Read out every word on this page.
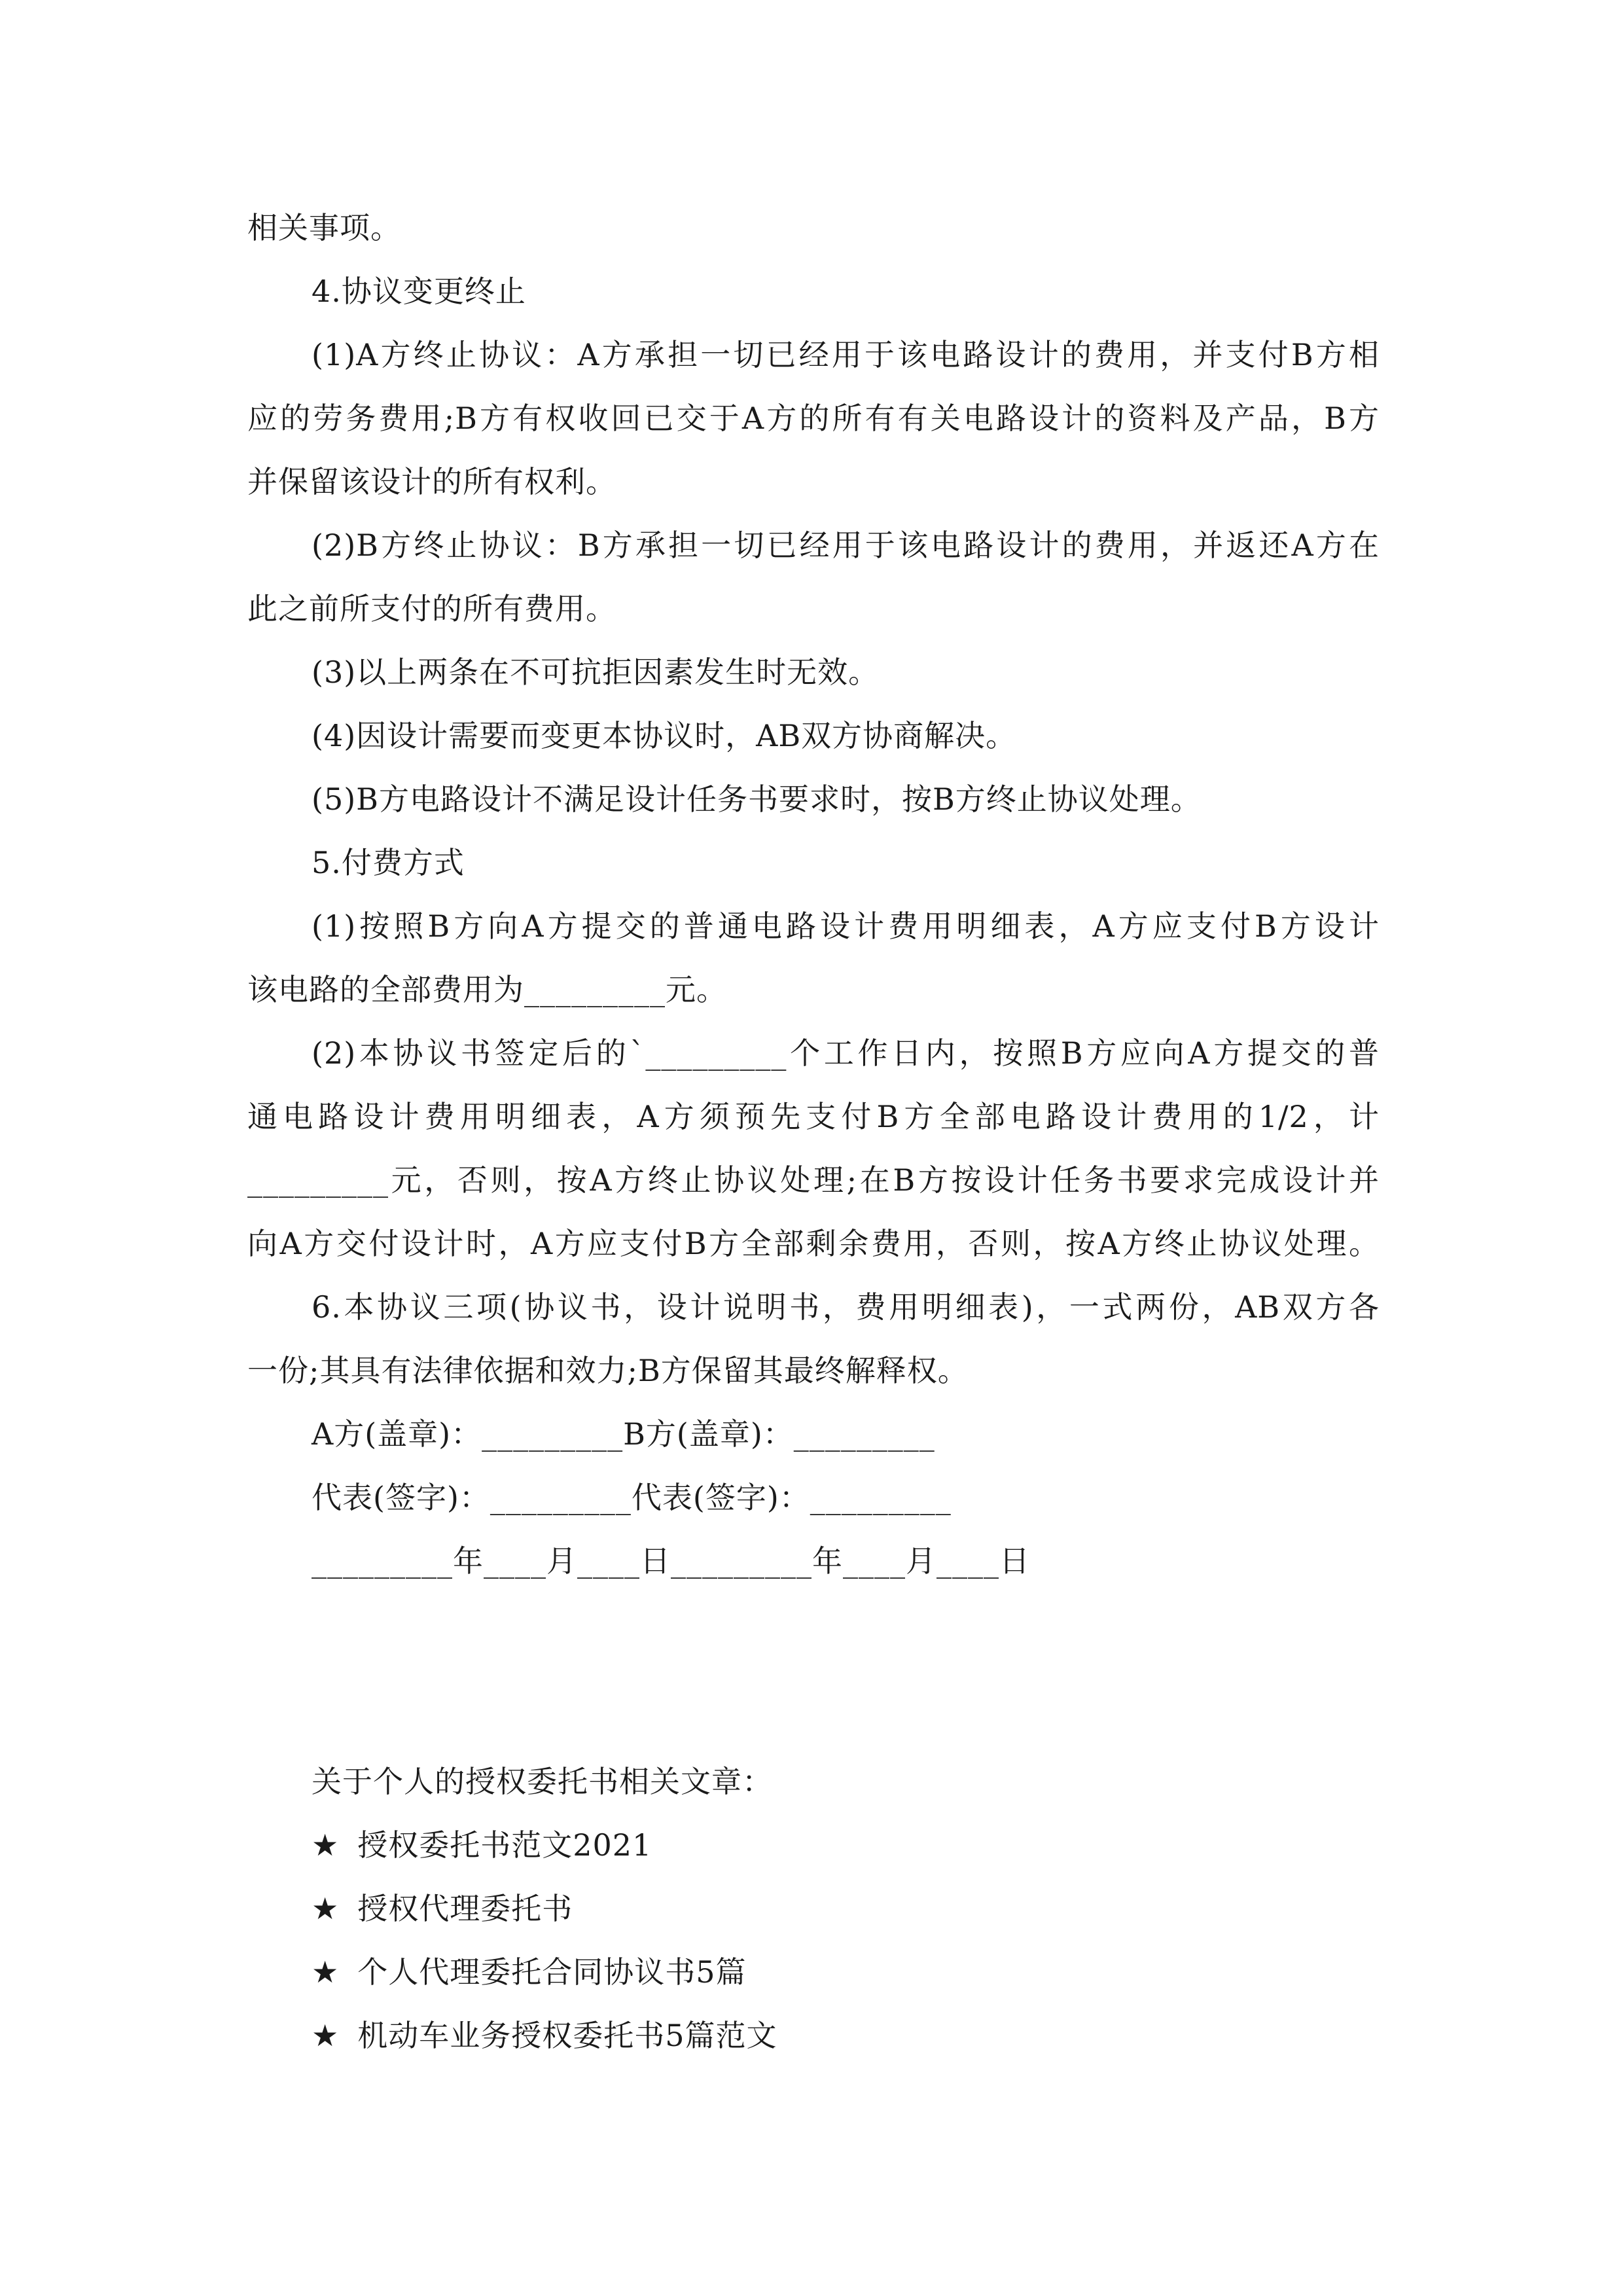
相关事项。
4.协议变更终止
(1)A方终止协议：A方承担一切已经用于该电路设计的费用，并支付B方相
应的劳务费用;B方有权收回已交于A方的所有有关电路设计的资料及产品，B方
并保留该设计的所有权利。
(2)B方终止协议：B方承担一切已经用于该电路设计的费用，并返还A方在
此之前所支付的所有费用。
(3)以上两条在不可抗拒因素发生时无效。
(4)因设计需要而变更本协议时，AB双方协商解决。
(5)B方电路设计不满足设计任务书要求时，按B方终止协议处理。
5.付费方式
(1)按照B方向A方提交的普通电路设计费用明细表，A方应支付B方设计
该电路的全部费用为_________元。
(2)本协议书签定后的`_________个工作日内，按照B方应向A方提交的普
通电路设计费用明细表，A方须预先支付B方全部电路设计费用的1/2，计
_________元，否则，按A方终止协议处理;在B方按设计任务书要求完成设计并
向A方交付设计时，A方应支付B方全部剩余费用，否则，按A方终止协议处理。
6.本协议三项(协议书，设计说明书，费用明细表)，一式两份，AB双方各
一份;其具有法律依据和效力;B方保留其最终解释权。
A方(盖章)：_________B方(盖章)：_________
代表(签字)：_________代表(签字)：_________
_________年____月____日_________年____月____日
关于个人的授权委托书相关文章：
★ 授权委托书范文2021
★ 授权代理委托书
★ 个人代理委托合同协议书5篇
★ 机动车业务授权委托书5篇范文
